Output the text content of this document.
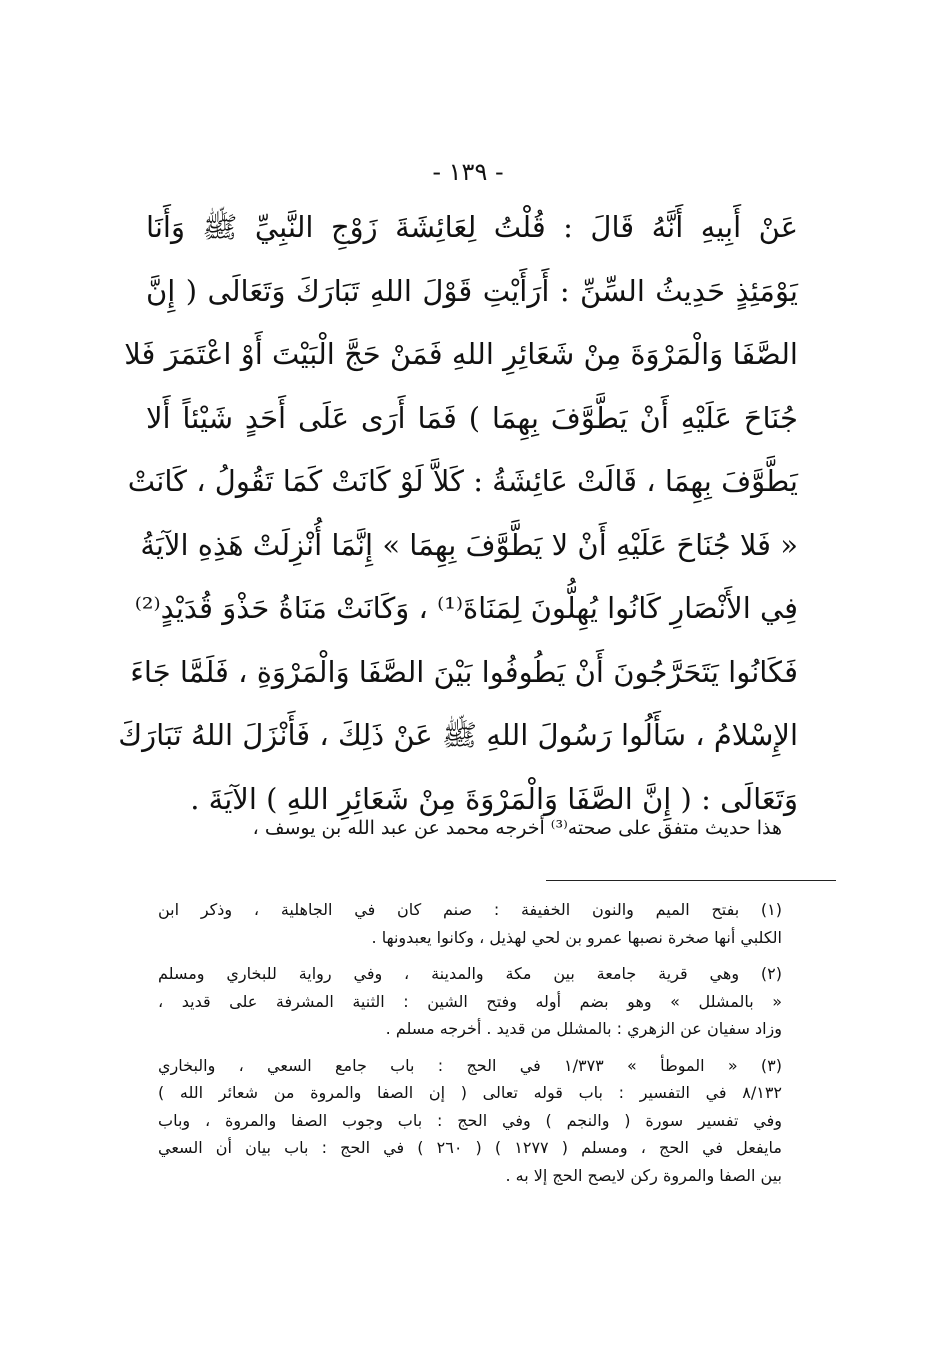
- ١٣٩ -
عَنْ أَبِيهِ أَنَّهُ قَالَ : قُلْتُ لِعَائِشَةَ زَوْجِ النَّبِيِّ ﷺ وَأَنَا
يَوْمَئِذٍ حَدِيثُ السِّنِّ : أَرَأَيْتِ قَوْلَ اللهِ تَبَارَكَ وَتَعَالَى ( إِنَّ
الصَّفَا وَالْمَرْوَةَ مِنْ شَعَائِرِ اللهِ فَمَنْ حَجَّ الْبَيْتَ أَوْ اعْتَمَرَ فَلا
جُنَاحَ عَلَيْهِ أَنْ يَطَّوَّفَ بِهِمَا ) فَمَا أَرَى عَلَى أَحَدٍ شَيْئاً أَلا
يَطَّوَّفَ بِهِمَا ، قَالَتْ عَائِشَةُ : كَلاَّ لَوْ كَانَتْ كَمَا تَقُولُ ، كَانَتْ
« فَلا جُنَاحَ عَلَيْهِ أَنْ لا يَطَّوَّفَ بِهِمَا » إِنَّمَا أُنْزِلَتْ هَذِهِ الآيَةُ
فِي الأَنْصَارِ كَانُوا يُهِلُّونَ لِمَنَاةَ⁽¹⁾ ، وَكَانَتْ مَنَاةُ حَذْوَ قُدَيْدٍ⁽²⁾
فَكَانُوا يَتَحَرَّجُونَ أَنْ يَطُوفُوا بَيْنَ الصَّفَا وَالْمَرْوَةِ ، فَلَمَّا جَاءَ
الإِسْلامُ ، سَأَلُوا رَسُولَ اللهِ ﷺ عَنْ ذَلِكَ ، فَأَنْزَلَ اللهُ تَبَارَكَ
وَتَعَالَى : ( إِنَّ الصَّفَا وَالْمَرْوَةَ مِنْ شَعَائِرِ اللهِ ) الآيَةَ .
هذا حديث متفق على صحته⁽³⁾ أخرجه محمد عن عبد الله بن يوسف ،
(١) بفتح الميم والنون الخفيفة : صنم كان في الجاهلية ، وذكر ابن
الكلبي أنها صخرة نصبها عمرو بن لحي لهذيل ، وكانوا يعبدونها .
(٢) وهي قرية جامعة بين مكة والمدينة ، وفي رواية للبخاري ومسلم
« بالمشلل » وهو بضم أوله وفتح الشين : الثنية المشرفة على قديد ،
وزاد سفيان عن الزهري : بالمشلل من قديد . أخرجه مسلم .
(٣) « الموطأ » ١/٣٧٣ في الحج : باب جامع السعي ، والبخاري
٨/١٣٢ في التفسير : باب قوله تعالى ( إن الصفا والمروة من شعائر الله )
وفي تفسير سورة ( والنجم ) وفي الحج : باب وجوب الصفا والمروة ، وباب
مايفعل في الحج ، ومسلم ( ١٢٧٧ ) ( ٢٦٠ ) في الحج : باب بيان أن السعي
بين الصفا والمروة ركن لايصح الحج إلا به .
